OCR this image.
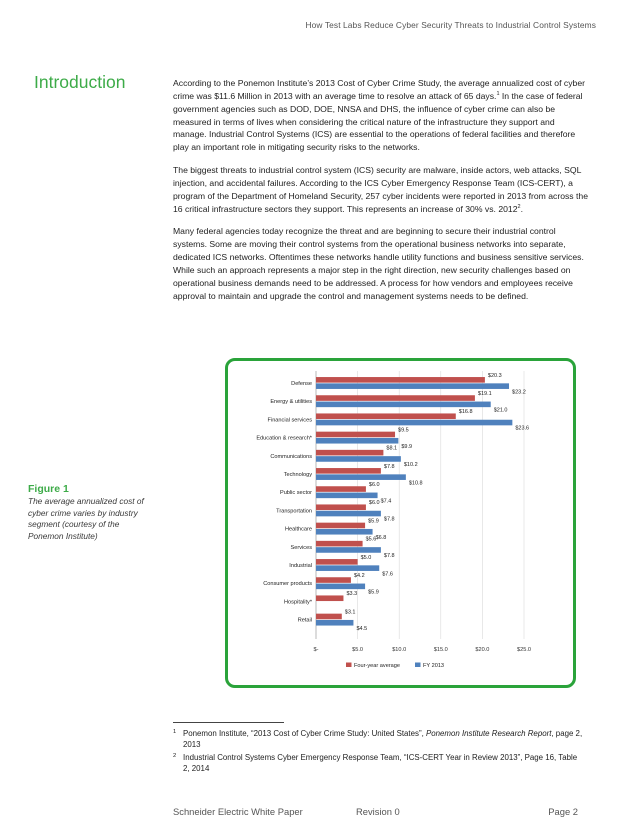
How Test Labs Reduce Cyber Security Threats to Industrial Control Systems
Introduction	According to the Ponemon Institute’s 2013 Cost of Cyber Crime Study, the average annualized cost of cyber crime was $11.6 Million in 2013 with an average time to resolve an attack of 65 days.$^1$ In the case of federal government agencies such as DOD, DOE, NNSA and DHS, the influence of cyber crime can also be measured in terms of lives when considering the critical nature of the infrastructure they support and manage. Industrial Control Systems (ICS) are essential to the operations of federal facilities and therefore play an important role in mitigating security risks to the networks.

The biggest threats to industrial control system (ICS) security are malware, inside actors, web attacks, SQL injection, and accidental failures. According to the ICS Cyber Emergency Response Team (ICS-CERT), a program of the Department of Homeland Security, 257 cyber incidents were reported in 2013 from across the 16 critical infrastructure sectors they support. This represents an increase of 30% vs. 2012$^2$.

Many federal agencies today recognize the threat and are beginning to secure their industrial control systems. Some are moving their control systems from the operational business networks into separate, dedicated ICS networks. Oftentimes these networks handle utility functions and business sensitive services. While such an approach represents a major step in the right direction, new security challenges based on operational business demands need to be addressed. A process for how vendors and employees receive approval to maintain and upgrade the control and management systems needs to be defined.

Figure 1
The average annualized cost of cyber crime varies by industry segment (courtesy of the Ponemon Institute)
$-	$5.0	$10.0	$15.0	$20.0	$25.0
Defense
$20.3
$23.2
Energy & utilities
$19.1
$21.0
Financial services
$16.8
$23.6
Education & research*
$9.5
$9.9
Communications
$8.1
$10.2
Technology
$7.8
$10.8
Public sector
$6.0
$7.4
Transportation
$6.0
$7.8
Healthcare
$5.9
$6.8
Services
$5.6
$7.8
Industrial
$5.0
$7.6
Consumer products
$4.2
$5.9
Hospitality*
$3.3
Retail
$3.1
$4.5
Four-year average	FY 2013
1 Ponemon Institute, “2013 Cost of Cyber Crime Study: United States”, Ponemon Institute Research Report, page 2, 2013
2 Industrial Control Systems Cyber Emergency Response Team, “ICS-CERT Year in Review 2013”, Page 16, Table 2, 2014
Schneider Electric White Paper	Revision 0	Page 2
